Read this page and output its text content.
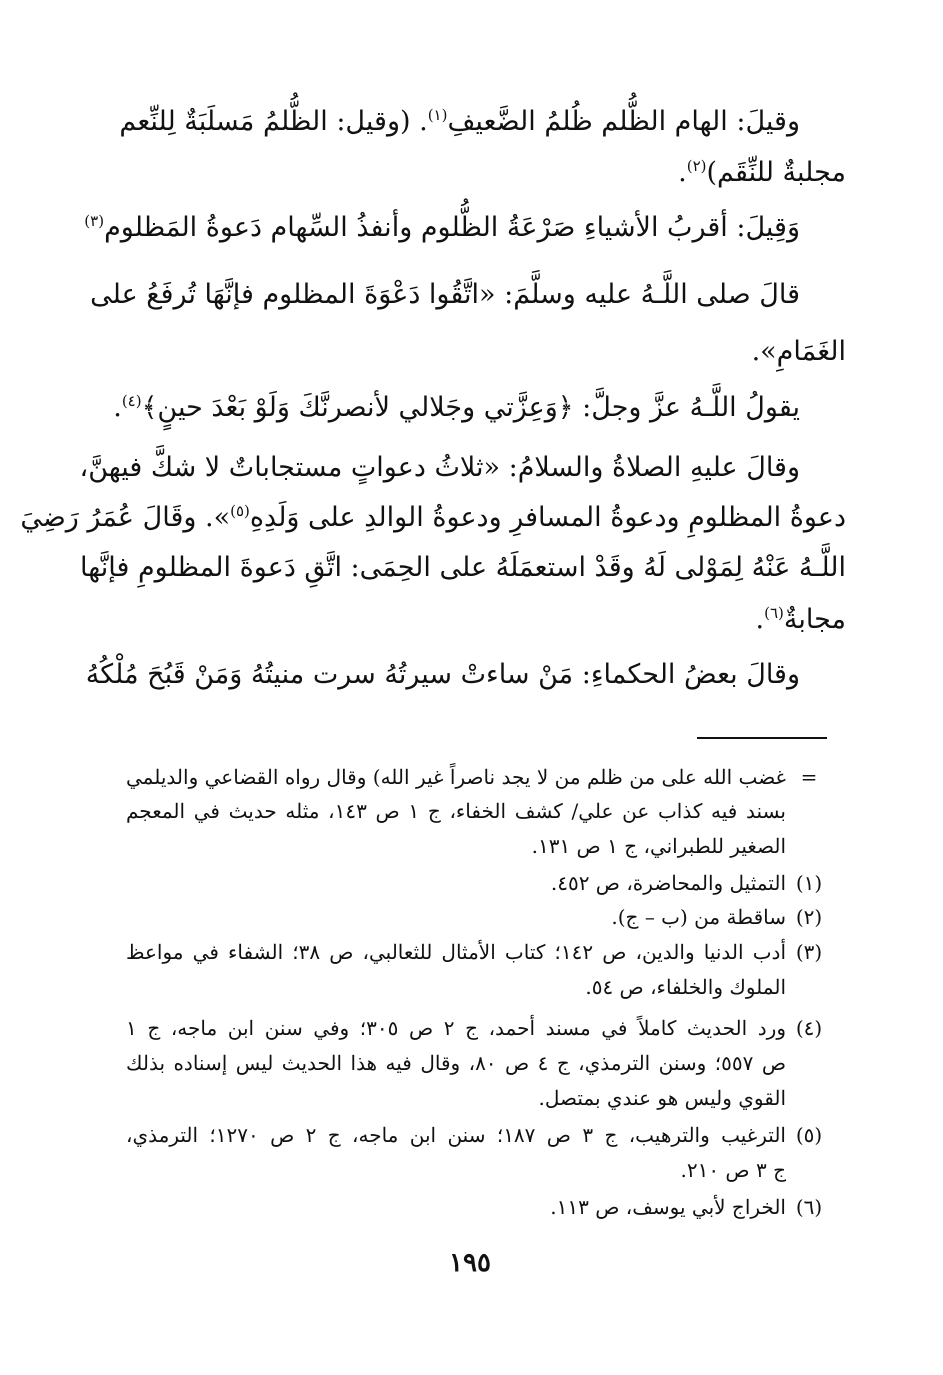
وقيلَ: الهام الظُّلم ظُلمُ الضَّعيفِ$^{(١)}$. (وقيل: الظُّلمُ مَسلَبَةٌ لِلنِّعم
مجلبةٌ للنِّقَم)$^{(٢)}$.
وَقِيلَ: أقربُ الأشياءِ صَرْعَةُ الظُّلوم وأنفذُ السِّهام دَعوةُ المَظلوم$^{(٣)}$
قالَ صلى اللَّـهُ عليه وسلَّمَ: «اتَّقُوا دَعْوَةَ المظلوم فإنَّهَا تُرفَعُ على
الغَمَامِ».
يقولُ اللَّـهُ عزَّ وجلَّ: ﴿وَعِزَّتي وجَلالي لأنصرنَّكَ وَلَوْ بَعْدَ حينٍ﴾$^{(٤)}$.
وقالَ عليهِ الصلاةُ والسلامُ: «ثلاثُ دعواتٍ مستجاباتٌ لا شكَّ فيهنَّ،
دعوةُ المظلومِ ودعوةُ المسافرِ ودعوةُ الوالدِ على وَلَدِهِ$^{(٥)}$». وقَالَ عُمَرُ رَضِيَ
اللَّـهُ عَنْهُ لِمَوْلى لَهُ وقَدْ استعمَلَهُ على الحِمَى: اتَّقِ دَعوةَ المظلومِ فإنَّها
مجابةٌ$^{(٦)}$.
وقالَ بعضُ الحكماءِ: مَنْ ساءتْ سيرتُهُ سرت منيتُهُ وَمَنْ قَبُحَ مُلْكُهُ
=
غضب الله على من ظلم من لا يجد ناصراً غير الله) وقال رواه القضاعي والديلمي
بسند فيه كذاب عن علي/ كشف الخفاء، ج ١ ص ١٤٣، مثله حديث في المعجم
الصغير للطبراني، ج ١ ص ١٣١.
(١)
التمثيل والمحاضرة، ص ٤٥٢.
(٢)
ساقطة من (ب – ج).
(٣)
أدب الدنيا والدين، ص ١٤٢؛ كتاب الأمثال للثعالبي، ص ٣٨؛ الشفاء في مواعظ
الملوك والخلفاء، ص ٥٤.
(٤)
ورد الحديث كاملاً في مسند أحمد، ج ٢ ص ٣٠٥؛ وفي سنن ابن ماجه، ج ١
ص ٥٥٧؛ وسنن الترمذي، ج ٤ ص ٨٠، وقال فيه هذا الحديث ليس إسناده بذلك
القوي وليس هو عندي بمتصل.
(٥)
الترغيب والترهيب، ج ٣ ص ١٨٧؛ سنن ابن ماجه، ج ٢ ص ١٢٧٠؛ الترمذي،
ج ٣ ص ٢١٠.
(٦)
الخراج لأبي يوسف، ص ١١٣.
١٩٥
